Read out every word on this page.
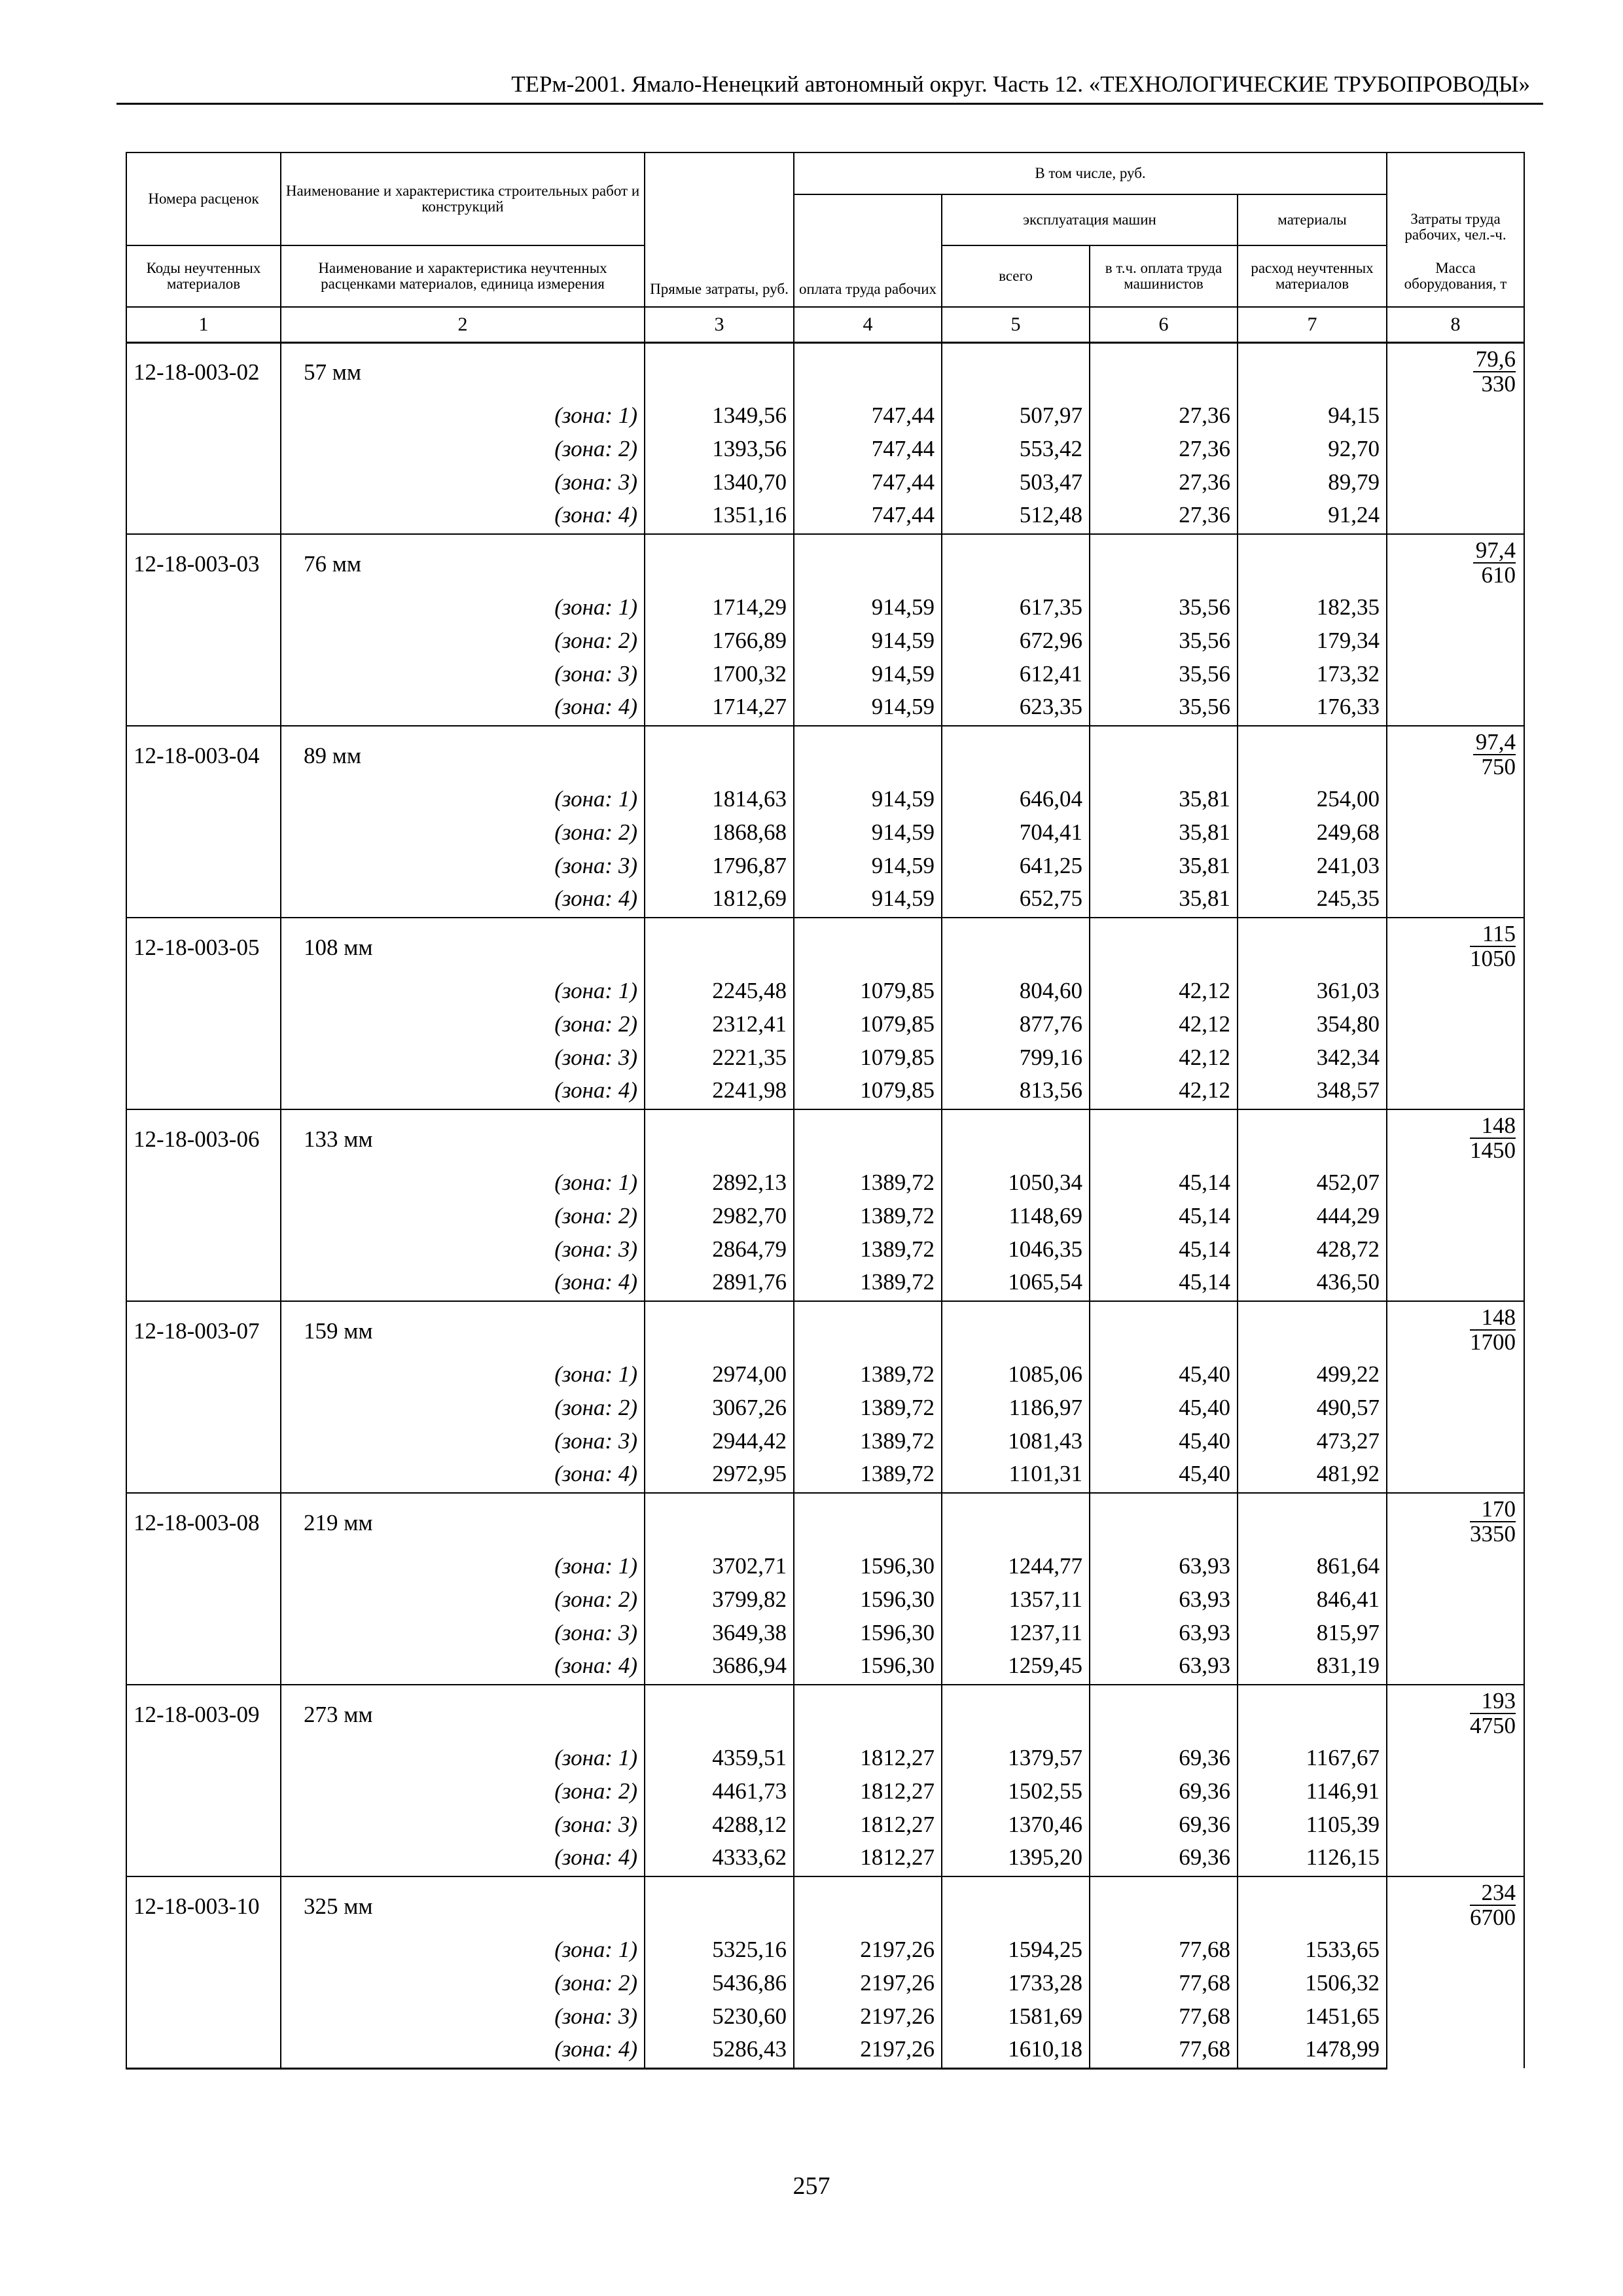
ТЕРм-2001. Ямало-Ненецкий автономный округ. Часть 12. «ТЕХНОЛОГИЧЕСКИЕ ТРУБОПРОВОДЫ»
Номера расценок	Наименование и характеристика строительных работ и конструкций	Прямые затраты, руб.	В том числе, руб.				Затраты труда рабочих, чел.-ч.
			оплата труда рабочих	эксплуатация машин		материалы	
Коды неучтенных материалов	Наименование и характеристика неучтенных расценками материалов, единица измерения			всего	в т.ч. оплата труда машинистов	расход неучтенных материалов	Масса оборудования, т
1	2	3	4	5	6	7	8
12-18-003-02	57 мм						$\frac{79,6}{330}$

	(зона: 1)	1349,56	747,44	507,97	27,36	94,15	
	(зона: 2)	1393,56	747,44	553,42	27,36	92,70	
	(зона: 3)	1340,70	747,44	503,47	27,36	89,79	
	(зона: 4)	1351,16	747,44	512,48	27,36	91,24	
12-18-003-03	76 мм						$\frac{97,4}{610}$

	(зона: 1)	1714,29	914,59	617,35	35,56	182,35	
	(зона: 2)	1766,89	914,59	672,96	35,56	179,34	
	(зона: 3)	1700,32	914,59	612,41	35,56	173,32	
	(зона: 4)	1714,27	914,59	623,35	35,56	176,33	
12-18-003-04	89 мм						$\frac{97,4}{750}$

	(зона: 1)	1814,63	914,59	646,04	35,81	254,00	
	(зона: 2)	1868,68	914,59	704,41	35,81	249,68	
	(зона: 3)	1796,87	914,59	641,25	35,81	241,03	
	(зона: 4)	1812,69	914,59	652,75	35,81	245,35	
12-18-003-05	108 мм						$\frac{115}{1050}$

	(зона: 1)	2245,48	1079,85	804,60	42,12	361,03	
	(зона: 2)	2312,41	1079,85	877,76	42,12	354,80	
	(зона: 3)	2221,35	1079,85	799,16	42,12	342,34	
	(зона: 4)	2241,98	1079,85	813,56	42,12	348,57	
12-18-003-06	133 мм						$\frac{148}{1450}$

	(зона: 1)	2892,13	1389,72	1050,34	45,14	452,07	
	(зона: 2)	2982,70	1389,72	1148,69	45,14	444,29	
	(зона: 3)	2864,79	1389,72	1046,35	45,14	428,72	
	(зона: 4)	2891,76	1389,72	1065,54	45,14	436,50	
12-18-003-07	159 мм						$\frac{148}{1700}$

	(зона: 1)	2974,00	1389,72	1085,06	45,40	499,22	
	(зона: 2)	3067,26	1389,72	1186,97	45,40	490,57	
	(зона: 3)	2944,42	1389,72	1081,43	45,40	473,27	
	(зона: 4)	2972,95	1389,72	1101,31	45,40	481,92	
12-18-003-08	219 мм						$\frac{170}{3350}$

	(зона: 1)	3702,71	1596,30	1244,77	63,93	861,64	
	(зона: 2)	3799,82	1596,30	1357,11	63,93	846,41	
	(зона: 3)	3649,38	1596,30	1237,11	63,93	815,97	
	(зона: 4)	3686,94	1596,30	1259,45	63,93	831,19	
12-18-003-09	273 мм						$\frac{193}{4750}$

	(зона: 1)	4359,51	1812,27	1379,57	69,36	1167,67	
	(зона: 2)	4461,73	1812,27	1502,55	69,36	1146,91	
	(зона: 3)	4288,12	1812,27	1370,46	69,36	1105,39	
	(зона: 4)	4333,62	1812,27	1395,20	69,36	1126,15	
12-18-003-10	325 мм						$\frac{234}{6700}$

	(зона: 1)	5325,16	2197,26	1594,25	77,68	1533,65	
	(зона: 2)	5436,86	2197,26	1733,28	77,68	1506,32	
	(зона: 3)	5230,60	2197,26	1581,69	77,68	1451,65	
	(зона: 4)	5286,43	2197,26	1610,18	77,68	1478,99	
257
